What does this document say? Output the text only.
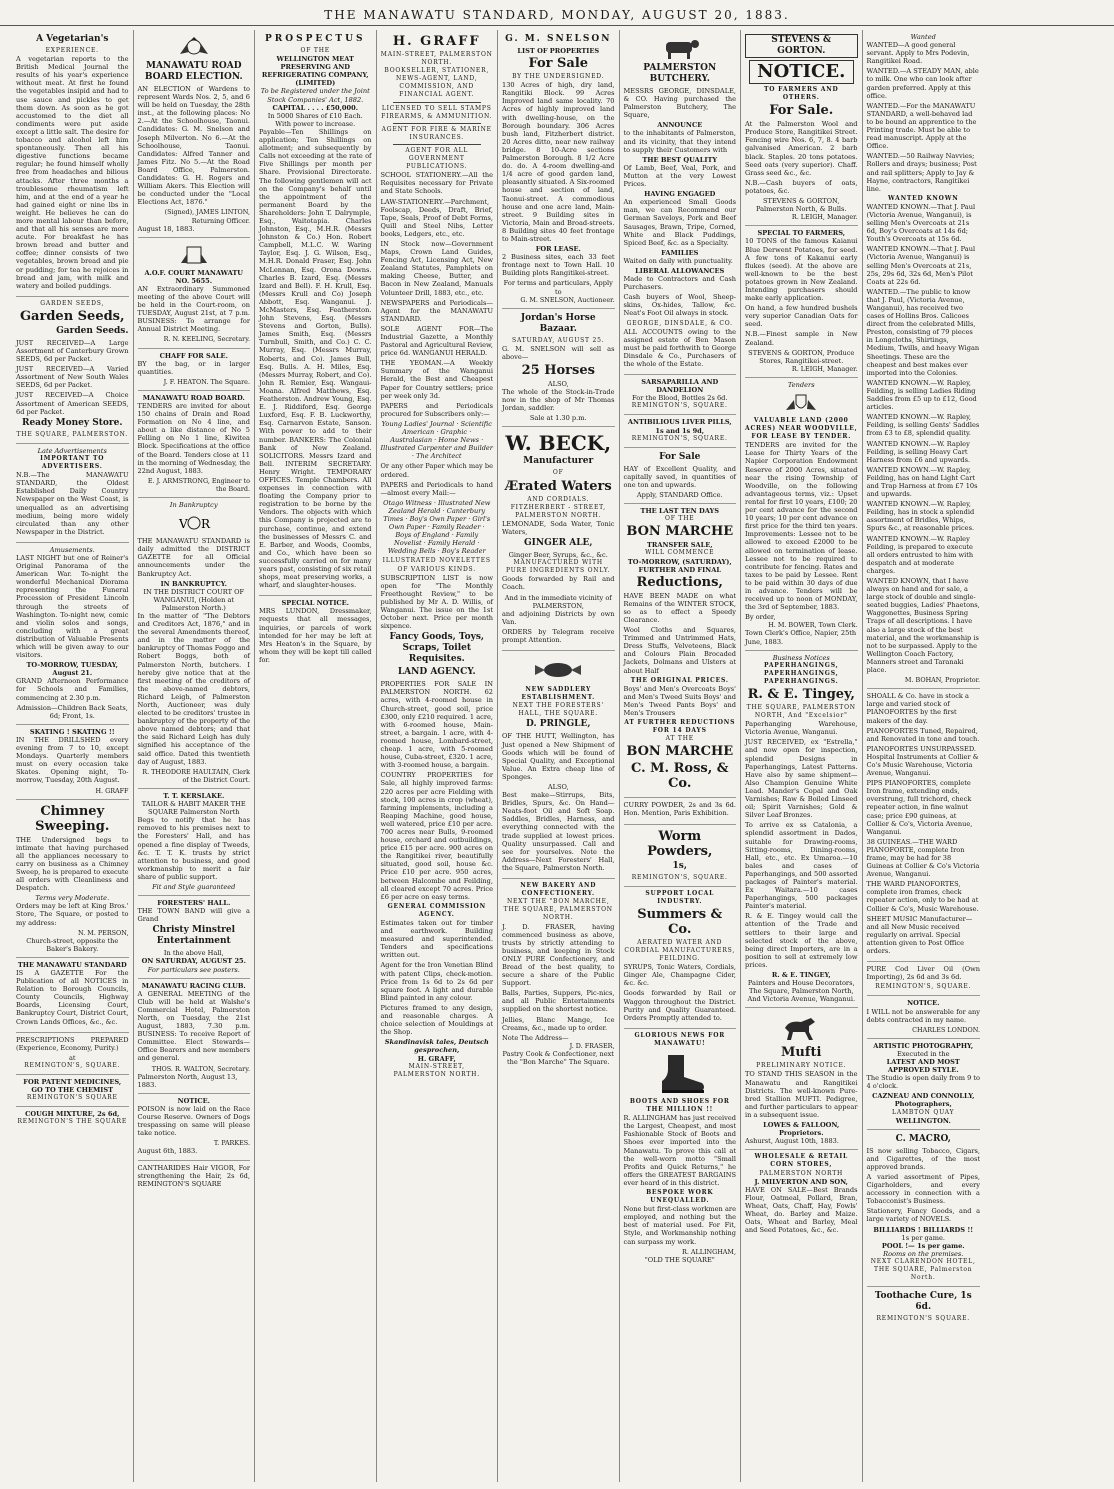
THE MANAWATU STANDARD, MONDAY, AUGUST 20, 1883.
A Vegetarian's
EXPERIENCE.

A vegetarian reports to the British Medical Journal the results of his year's experience without meat. At first he found the vegetables insipid and had to use sauce and pickles to get them down. As soon as he got accustomed to the diet all condiments were put aside except a little salt. The desire for tobacco and alcohol left him spontaneously. Then all his digestive functions became regular; he found himself wholly free from headaches and bilious attacks. After three months a troublesome rheumatism left him, and at the end of a year he had gained eight or nine lbs in weight. He believes he can do more mental labour than before, and that all his senses are more acute. For breakfast he has brown bread and butter and coffee; dinner consists of two vegetables, brown bread and pie or pudding; for tea he rejoices in bread and jam, with milk and watery and boiled puddings.

GARDEN SEEDS,
Garden Seeds,
Garden Seeds.

JUST RECEIVED—A Large Assortment of Canterbury Grown SEEDS, 6d per Packet.

JUST RECEIVED—A Varied Assortment of New South Wales SEEDS, 6d per Packet.

JUST RECEIVED—A Choice Assortment of American SEEDS, 6d per Packet.

Ready Money Store.
THE SQUARE, PALMERSTON.
Late Advertisements
IMPORTANT TO ADVERTISERS.

N.B.—The MANAWATU STANDARD, the Oldest Established Daily Country Newspaper on the West Coast, is unequalled as an advertising medium, being more widely circulated than any other Newspaper in the District.

Amusements.

LAST NIGHT but one of Reiner's Original Panorama of the American War. To-night the wonderful Mechanical Diorama representing the Funeral Procession of President Lincoln through the streets of Washington. To-night new, comic and violin solos and songs, concluding with a great distribution of Valuable Presents which will be given away to our visitors.

TO-MORROW, TUESDAY, August 21.

GRAND Afternoon Performance for Schools and Families, commencing at 2.30 p.m.

Admission—Children Back Seats, 6d; Front, 1s.
SKATING ! SKATING !!

IN THE DRILLSHED every evening from 7 to 10, except Mondays. Quarterly members must on every occasion take Skates. Opening night, To-morrow, Tuesday, 20th August.

H. GRAFF
Chimney Sweeping.

THE Undersigned begs to intimate that having purchased all the appliances necessary to carry on business as a Chimney Sweep, he is prepared to execute all orders with Cleanliness and Despatch.

Terms very Moderate.

Orders may be left at King Bros.' Store, The Square, or posted to my address:

N. M. PERSON,
Church-street, opposite the Baker's Bakery.
THE MANAWATU STANDARD

IS A GAZETTE For the Publication of all NOTICES in Relation to Borough Councils, County Councils, Highway Boards, Licensing Court, Bankruptcy Court, District Court, Crown Lands Offices, &c., &c.

PRESCRIPTIONS PREPARED (Experience, Economy, Purity.)

at
REMINGTON'S, SQUARE.
FOR PATENT MEDICINES,
GO TO THE CHEMIST
REMINGTON'S SQUARE
COUGH MIXTURE, 2s 6d,
REMINGTON'S THE SQUARE
MANAWATU ROAD BOARD ELECTION.

AN ELECTION of Wardens to represent Wards Nos. 2, 5, and 6 will be held on Tuesday, the 28th inst., at the following places: No 2.—At the Schoolhouse, Taonui. Candidates: G. M. Snelson and Joseph Milverton. No 6.—At the Schoolhouse, Taonui. Candidates: Alfred Tanner and James Fitz. No 5.—At the Road Board Office, Palmerston. Candidates: G. H. Rogers and William Akers. This Election will be conducted under the "Local Elections Act, 1876."

(Signed), JAMES LINTON, Returning Officer.
August 18, 1883.
A.O.F. COURT MANAWATU NO. 5655.

AN Extraordinary Summoned meeting of the above Court will be held in the Court-room, on TUESDAY, August 21st, at 7 p.m. BUSINESS: To arrange for Annual District Meeting.

R. N. KEELING, Secretary.
CHAFF FOR SALE.

BY the bag, or in larger quantities.

J. F. HEATON. The Square.
MANAWATU ROAD BOARD.

TENDERS are invited for about 150 chains of Drain and Road Formation on No 4 line, and about a like distance of No 5 Felling on No 1 line, Kiwitea Block. Specifications at the office of the Board. Tenders close at 11 in the morning of Wednesday, the 22nd August, 1883.

E. J. ARMSTRONG, Engineer to the Board.
In Bankruptcy
V R

THE MANAWATU STANDARD is daily admitted the DISTRICT GAZETTE for all Official announcements under the Bankruptcy Act.

IN BANKRUPTCY.
IN THE DISTRICT COURT OF WANGANUI, (Holden at Palmerston North.)

In the matter of "The Debtors and Creditors Act, 1876," and in the several Amendments thereof, and in the matter of the bankruptcy of Thomas Foggo and Robert Boggs, both of Palmerston North, butchers. I hereby give notice that at the first meeting of the creditors of the above-named debtors, Richard Leigh, of Palmerston North, Auctioneer, was duly elected to be creditors' trustee in bankruptcy of the property of the above named debtors; and that the said Richard Leigh has duly signified his acceptance of the said office. Dated this twentieth day of August, 1883.

R. THEODORE HAULTAIN, Clerk of the District Court.
T. T. KERSLAKE.
TAILOR & HABIT MAKER THE SQUARE Palmerston North

Begs to notify that he has removed to his premises next to the Foresters' Hall, and has opened a fine display of Tweeds, &c. T. T. K. trusts by strict attention to business, and good workmanship to merit a fair share of public support.

Fit and Style guaranteed
FORESTERS' HALL.

THE TOWN BAND will give a Grand

Christy Minstrel Entertainment
In the above Hall,
ON SATURDAY, AUGUST 25.
For particulars see posters.
MANAWATU RACING CLUB.

A GENERAL MEETING of the Club will be held at Walshe's Commercial Hotel, Palmerston North, on Tuesday, the 21st August, 1883, 7.30 p.m. BUSINESS: To receive Report of Committee. Elect Stewards—Office Bearers and new members and general.

THOS. R. WALTON, Secretary.
Palmerston North, August 13, 1883.
NOTICE.

POISON is now laid on the Race Course Reserve. Owners of Dogs trespassing on same will please take notice.

T. PARKES.
August 6th, 1883.

CANTHARIDES Hair VIGOR, For strengthening the Hair, 2s 6d, REMINGTON'S SQUARE

PROSPECTUS
OF THE
WELLINGTON MEAT PRESERVING AND REFRIGERATING COMPANY, (LIMITED)
To be Registered under the Joint Stock Companies' Act, 1882.
CAPITAL . . . . £50,000.
In 5000 Shares of £10 Each. With power to increase.

Payable—Ten Shillings on application; Ten Shillings on allotment; and subsequently by Calls not exceeding at the rate of Five Shillings per month per Share. Provisional Directorate. The following gentlemen will act on the Company's behalf until the appointment of the permanent Board by the Shareholders: John T. Dalrymple, Esq., Waitotapia. Charles Johnston, Esq., M.H.R. (Messrs Johnston & Co.) Hon. Robert Campbell, M.L.C. W. Waring Taylor, Esq. J. G. Wilson, Esq., M.H.R. Donald Fraser, Esq. John McLennan, Esq. Orona Downs. Charles B. Izard, Esq. (Messrs Izard and Bell). F. H. Krull, Esq. (Messrs Krull and Co) Joseph Abbott, Esq. Wanganui. J. McMasters, Esq. Featherston. John Stevens, Esq. (Messrs Stevens and Gorton, Bulls). James Smith, Esq. (Messrs Turnbull, Smith, and Co.) C. C. Murray, Esq. (Messrs Murray, Roberts, and Co). James Bull, Esq. Bulls. A. H. Miles, Esq. (Messrs Murray, Robert, and Co). John R. Remier, Esq. Wangaui-Moana. Alfred Matthews, Esq. Featherston. Andrew Young, Esq. E. J. Riddiford, Esq. George Luxford, Esq. F. B. Luckworthy, Esq. Carnarvon Estate, Sanson. With power to add to their number. BANKERS: The Colonial Bank of New Zealand. SOLICITORS. Messrs Izard and Bell. INTERIM SECRETARY. Henry Wright. TEMPORARY OFFICES. Temple Chambers. All expenses in connection with floating the Company prior to registration to be borne by the Vendors. The objects with which this Company is projected are to purchase, continue, and extend the businesses of Messrs C. and E. Barber, and Woods, Coombs, and Co., which have been so successfully carried on for many years past, consisting of six retail shops, meat preserving works, a wharf, and slaughter-houses.

SPECIAL NOTICE.

MRS LUNDON, Dressmaker, requests that all messages, inquiries, or parcels of work intended for her may be left at Mrs Heaton's in the Square, by whom they will be kept till called for.

H. GRAFF
MAIN-STREET, PALMERSTON NORTH.
BOOKSELLER, STATIONER, NEWS-AGENT, LAND, COMMISSION, AND FINANCIAL AGENT.
LICENSED TO SELL STAMPS FIREARMS, & AMMUNITION.
AGENT FOR FIRE & MARINE INSURANCES.
AGENT FOR ALL GOVERNMENT PUBLICATIONS.

SCHOOL STATIONERY.—All the Requisites necessary for Private and State Schools.

LAW-STATIONERY.—Parchment, Foolscap, Deeds, Draft, Brief, Tape, Seals, Proof of Debt Forms, Quill and Steel Nibs, Letter books, Ledgers, etc., etc.

IN Stock now—Government Maps, Crown Land Guides, Fencing Act, Licensing Act, New Zealand Statutes, Pamphlets on making Cheese, Butter, and Bacon in New Zealand, Manuals Volunteer Drill, 1883, etc., etc.

NEWSPAPERS and Periodicals—Agent for the MANAWATU STANDARD.

SOLE AGENT FOR—The Industrial Gazette, a Monthly Pastoral and Agricultural Review, price 6d. WANGANUI HERALD.

THE YEOMAN.—A Weekly Summary of the Wanganui Herald, the Best and Cheapest Paper for Country settlers; price per week only 3d.

PAPERS and Periodicals procured for Subscribers only:—

Young Ladies' Journal · Scientific American · Graphic · Australasian · Home News · Illustrated Carpenter and Builder · The Architect

Or any other Paper which may be ordered.

PAPERS and Periodicals to hand—almost every Mail:—

Otago Witness · Illustrated New Zealand Herald · Canterbury Times · Boy's Own Paper · Girl's Own Paper · Family Reader · Boys of England · Family Novelist · Family Herald · Wedding Bells · Boy's Reader

ILLUSTRATED NOVELETTES OF VARIOUS KINDS.

SUBSCRIPTION LIST is now open for "The Monthly Freethought Review," to be published by Mr A. D. Willis, of Wanganui. The issue on the 1st October next. Price per month sixpence.

Fancy Goods, Toys, Scraps, Toilet Requisites.
LAND AGENCY.

PROPERTIES FOR SALE IN PALMERSTON NORTH. 62 acres, with 4-roomed house in Church-street, good soil, price £300, only £210 required. 1 acre, with 6-roomed house, Main-street, a bargain. 1 acre, with 4-roomed house, Lombard-street, cheap. 1 acre, with 5-roomed house, Cuba-street, £320. 1 acre, with 3-roomed house, a bargain.

COUNTRY PROPERTIES for Sale, all highly improved farms: 220 acres per acre Fielding with stock, 100 acres in crop (wheat), farming implements, including a Reaping Machine, good house, well watered, price £10 per acre. 700 acres near Bulls, 9-roomed house, orchard and outbuildings, price £15 per acre. 900 acres on the Rangitikei river, beautifully situated, good soil, house &c. Price £10 per acre. 950 acres, between Halcombe and Feilding, all cleared except 70 acres. Price £6 per acre on easy terms.

GENERAL COMMISSION AGENCY.

Estimates taken out for timber and earthwork. Building measured and superintended. Tenders and specifications written out.

Agent for the Iron Venetian Blind with patent Clips, check-motion. Price from 1s 6d to 2s 6d per square foot. A light and durable Blind painted in any colour.

Pictures framed to any design, and reasonable charges. A choice selection of Mouldings at the Shop.

Skandinavisk tales, Deutsch gesprochen,
H. GRAFF,
MAIN-STREET,
PALMERSTON NORTH.
G. M. SNELSON
LIST OF PROPERTIES
For Sale
BY THE UNDERSIGNED.

130 Acres of high, dry land, Rangitiki Block. 99 Acres Improved land same locality. 70 Acres of highly improved land with dwelling-house, on the Borough boundary. 306 Acres bush land, Fitzherbert district. 20 Acres ditto, near new railway bridge. 8 10-Acre sections Palmerston Borough. 8 1/2 Acre do. do. A 4-room dwelling-and 1/4 acre of good garden land, pleasantly situated. A Six-roomed house and section of land, Taonui-street. A commodious house and one acre land, Main-street. 9 Building sites in Victoria, Main and Broad-streets. 8 Building sites 40 feet frontage to Main-street.

FOR LEASE.

2 Business sites, each 33 feet frontage next to Town Hall. 10 Building plots Rangitikei-street.

For terms and particulars, Apply to
G. M. SNELSON, Auctioneer.
Jordan's Horse Bazaar.
SATURDAY, AUGUST 25.

G. M. SNELSON will sell as above—

25 Horses
ALSO,

The whole of the Stock-in-Trade now in the shop of Mr Thomas Jordan, saddler.

Sale at 1.30 p.m.
W. BECK,
Manufacturer
OF
Ærated Waters
AND CORDIALS.
FITZHERBERT - STREET,
PALMERSTON NORTH.

LEMONADE, Soda Water, Tonic Waters,

GINGER ALE,
Ginger Beer, Syrups, &c., &c.
MANUFACTURED WITH PURE INGREDIENTS ONLY.

Goods forwarded by Rail and Coach.

And in the immediate vicinity of PALMERSTON,

and adjoining Districts by own Van.

ORDERS by Telegram receive prompt Attention.

NEW SADDLERY ESTABLISHMENT.
NEXT THE FORESTERS' HALL, THE SQUARE.
D. PRINGLE,

OF THE HUTT, Wellington, has Just opened a New Shipment of Goods which will be found of Special Quality, and Exceptional Value. An Extra cheap line of Sponges.

ALSO,

Best make—Stirrups, Bits, Bridles, Spurs, &c. On Hand—Neats-foot Oil and Soft Soap. Saddles, Bridles, Harness, and everything connected with the trade supplied at lowest prices. Quality unsurpassed. Call and see for yourselves. Note the Address—Next Foresters' Hall, the Square, Palmerston North.

NEW BAKERY AND CONFECTIONERY.
NEXT THE "BON MARCHE, THE SQUARE, PALMERSTON NORTH.

J. D. FRASER, having commenced business as above, trusts by strictly attending to business, and keeping in Stock ONLY PURE Confectionery, and Bread of the best quality, to secure a share of the Public Support.

Balls, Parties, Suppers, Pic-nics, and all Public Entertainments supplied on the shortest notice.

Jellies, Blanc Mange, Ice Creams, &c., made up to order.

Note The Address—
J. D. FRASER,
Pastry Cook & Confectioner, next the "Bon Marche" The Square.
PALMERSTON BUTCHERY.

MESSRS GEORGE, DINSDALE, & CO. Having purchased the Palmerston Butchery, The Square,

ANNOUNCE

to the inhabitants of Palmerston, and its vicinity, that they intend to supply their Customers with

THE BEST QUALITY

Of Lamb, Beef, Veal, Pork, and Mutton at the very Lowest Prices.

HAVING ENGAGED

An experienced Small Goods man, we can Recommend our German Saveloys, Pork and Beef Sausages, Brawn, Tripe, Corned, White and Black Puddings, Spiced Beef, &c. as a Specialty.

FAMILIES

Waited on daily with punctuality.

LIBERAL ALLOWANCES

Made to Contractors and Cash Purchasers.

Cash buyers of Wool, Sheep-skins, Ox-hides, Tallow, &c. Neat's Foot Oil always in stock.

GEORGE, DINSDALE, & CO.

ALL ACCOUNTS owing to the assigned estate of Ben Mason must be paid forthwith to George Dinsdale & Co., Purchasers of the whole of the Estate.

SARSAPARILLA AND DANDELION
For the Blood, Bottles 2s 6d.
REMINGTON'S, SQUARE.
ANTIBILIOUS LIVER PILLS, 1s and 1s 9d,
REMINGTON'S, SQUARE.
For Sale

HAY of Excellent Quality, and capitally saved, in quantities of one ton and upwards.

Apply, STANDARD Office.
THE LAST TEN DAYS
OF THE
BON MARCHE
TRANSFER SALE,
WILL COMMENCE
TO-MORROW, (SATURDAY),
FURTHER AND FINAL
Reductions,

HAVE BEEN MADE on what Remains of the WINTER STOCK, so as to effect a Speedy Clearance.

Wool Cloths and Squares, Trimmed and Untrimmed Hats, Dress Stuffs, Velveteens, Black and Colours Plain Brocaded Jackets, Dolmans and Ulsters at about Half

THE ORIGINAL PRICES.

Boys' and Men's Overcoats Boys' and Men's Tweed Suits Boys' and Men's Tweed Pants Boys' and Men's Trousers

AT FURTHER REDUCTIONS FOR 14 DAYS
AT THE
BON MARCHE
C. M. Ross, & Co.

CURRY POWDER, 2s and 3s 6d. Hon. Mention, Paris Exhibition.

Worm Powders,
1s,
REMINGTON'S, SQUARE.
SUPPORT LOCAL INDUSTRY.
Summers & Co.
AERATED WATER AND CORDIAL MANUFACTURERS, FEILDING.

SYRUPS, Tonic Waters, Cordials, Ginger Ale, Champagne Cider, &c. &c.

Goods forwarded by Rail or Waggon throughout the District. Purity and Quality Guaranteed. Orders Promptly attended to.

GLORIOUS NEWS FOR MANAWATU!
BOOTS AND SHOES FOR THE MILLION !!

R. ALLINGHAM has just received the Largest, Cheapest, and most Fashionable Stock of Boots and Shoes ever imported into the Manawatu. To prove this call at the well-worn motto "Small Profits and Quick Returns," he offers the GREATEST BARGAINS ever heard of in this district.

BESPOKE WORK UNEQUALLED.

None but first-class workmen are employed, and nothing but the best of material used. For Fit, Style, and Workmanship nothing can surpass my work.

R. ALLINGHAM,
"OLD THE SQUARE"
STEVENS & GORTON.
NOTICE.
TO FARMERS AND OTHERS.
For Sale.

At the Palmerston Wool and Produce Store, Rangitikei Street. Fencing wire Nos. 6, 7, 8. 4 barb galvanised American. 2 barb black. Staples. 20 tons potatoes. Seed oats (very superior). Chaff. Grass seed &c., &c.

N.B.—Cash buyers of oats, potatoes, &c.

STEVENS & GORTON, Palmerston North, & Bulls.
R. LEIGH, Manager.
SPECIAL TO FARMERS,

10 TONS of the famous Kaianui Blue Derwent Potatoes, for seed. A few tons of Kakanui early flukes (seed). At the above are well-known to be the best potatoes grown in New Zealand. Intending purchasers should make early application.

On hand, a few hundred bushels very superior Canadian Oats for seed.

N.B.—Finest sample in New Zealand.

STEVENS & GORTON, Produce Stores, Rangitikei-street.
R. LEIGH, Manager.
Tenders
VALUABLE LAND (2000 ACRES) NEAR WOODVILLE, FOR LEASE BY TENDER.

TENDERS are invited for the Lease for Thirty Years of the Napier Corporation Endowment Reserve of 2000 Acres, situated near the rising Township of Woodville, on the following advantageous terms, viz.: Upset rental for first 10 years, £100; 20 per cent advance for the second 10 years; 10 per cent advance on first price for the third ten years. Improvements: Lessee not to be allowed to exceed £2000 to be allowed on termination of lease. Lessee not to be required to contribute for fencing. Rates and taxes to be paid by Lessee. Rent to be paid within 30 days of due in advance. Tenders will be received up to noon of MONDAY, the 3rd of September, 1883.

By order,
H. M. BOWER, Town Clerk.
Town Clerk's Office, Napier, 25th June, 1883.
Business Notices
PAPERHANGINGS, PAPERHANGINGS, PAPERHANGINGS.
R. & E. Tingey,
THE SQUARE, PALMERSTON NORTH, And "Excelsior"

Paperhanging Warehouse, Victoria Avenue, Wanganui.

JUST RECEIVED, ex "Estrella," and now open for inspection, splendid Designs in Paperhangings, Latest Patterns. Have also by same shipment— Also Champion Genuine White Lead. Mander's Copal and Oak Varnishes; Raw & Boiled Linseed oil; Spirit Varnishes; Gold & Silver Leaf Bronzes.

To arrive ex ss Catalonia, a splendid assortment in Dados, suitable for Drawing-rooms, Sitting-rooms, Dining-rooms, Hall, etc., etc. Ex Umaroa.—10 bales and cases of Paperhangings, and 500 assorted packages of Painter's material. Ex Waitara.—10 cases Paperhangings, 500 packages Painter's material.

R. & E. Tingey would call the attention of the Trade and settlers to their large and selected stock of the above, being direct Importers, are in a position to sell at extremely low prices.

R. & E. TINGEY,
Painters and House Decorators, The Square, Palmerston North, And Victoria Avenue, Wanganui.
Mufti
PRELIMINARY NOTICE.

TO STAND THIS SEASON in the Manawatu and Rangitikei Districts. The well-known Pure-bred Stallion MUFTI. Pedigree, and further particulars to appear in a subsequent issue.

LOWES & FALLOON, Proprietors.
Ashurst, August 10th, 1883.
WHOLESALE & RETAIL CORN STORES,
PALMERSTON NORTH
J. MILVERTON AND SON,

HAVE ON SALE—Best Brands Flour, Oatmeal, Pollard, Bran, Wheat, Oats, Chaff, Hay, Fowls' Wheat, do. Barley and Maize. Oats, Wheat and Barley, Meal and Seed Potatoes, &c., &c.

Wanted

WANTED—A good general servant. Apply to Mrs Podevin, Rangitikei Road.

WANTED.—A STEADY MAN, able to milk. One who can look after garden preferred. Apply at this office.

WANTED.—For the MANAWATU STANDARD, a well-behaved lad to be bound an apprentice to the Printing trade. Must be able to read manuscript. Apply at the Office.

WANTED.—50 Railway Navvies; Rollers and drays; business; Post and rail splitters; Apply to Jay & Hayne, contractors, Rangitikei line.

WANTED KNOWN

WANTED KNOWN.—That J. Paul (Victoria Avenue, Wanganui), is selling Men's Overcoats at 21s 6d, Boy's Overcoats at 14s 6d; Youth's Overcoats at 15s 6d.

WANTED KNOWN.—That J. Paul (Victoria Avenue, Wanganui) is selling Men's Overcoats at 21s, 25s, 29s 6d, 32s 6d, Men's Pilot Coats at 22s 6d.

WANTED.—The public to know that J. Paul, (Victoria Avenue, Wanganui), has received two cases of Hollins Bros. Calicoes direct from the celebrated Mills, Preston, consisting of 79 pieces in Longcloths, Shirtings, Medium, Twills, and heavy Wigan Sheetings. These are the cheapest and best makes ever imported into the Colonies.

WANTED KNOWN.—W. Rapley, Feilding, is selling Ladies Riding Saddles from £5 up to £12, Good articles.

WANTED KNOWN.—W. Rapley, Feilding, is selling Gents' Saddles from £3 to £8, splendid quality.

WANTED KNOWN.—W. Rapley Feilding, is selling Heavy Cart Harness from £6 and upwards.

WANTED KNOWN.—W. Rapley, Feilding, has on hand Light Cart and Trap Harness at from £7 10s and upwards.

WANTED KNOWN.—W. Rapley, Feilding, has in stock a splendid assortment of Bridles, Whips, Spurs &c., at reasonable prices.

WANTED KNOWN.—W. Rapley Feilding, is prepared to execute all orders entrusted to him with despatch and at moderate charges.

WANTED KNOWN, that I have always on hand and for sale, a large stock of double and single-seated buggies, Ladies' Phaetons, Waggonettes, Business Spring Traps of all descriptions. I have also a large stock of the best material, and the workmanship is not to be surpassed. Apply to the Wellington Coach Factory, Manners street and Taranaki place.

M. BOHAN, Proprietor.

SHOALL & Co. have in stock a large and varied stock of PIANOFORTES by the first makers of the day.

PIANOFORTES Tuned, Repaired, and Renovated in tone and touch.

PIANOFORTES UNSURPASSED. Hospital Instruments at Collier & Co's Music Warehouse, Victoria Avenue, Wanganui.

PIPS PIANOFORTES, complete Iron frame, extending ends, overstrung, full trichord, check repeater action, in fine walnut case; price £90 guineas, at Collier & Co's, Victoria Avenue, Wanganui.

38 GUINEAS.—THE WARD PIANOFORTE, complete Iron frame, may be had for 38 Guineas at Collier & Co's Victoria Avenue, Wanganui.

THE WARD PIANOFORTES, complete iron frames, check repeater action, only to be had at Collier & Co's, Music Warehouse.

SHEET MUSIC Manufacturer—and all New Music received regularly on arrival. Special attention given to Post Office orders.

PURE Cod Liver Oil (Own Importing), 2s 6d and 3s 6d.

REMINGTON'S, SQUARE.
NOTICE.

I WILL not be answerable for any debts contracted in my name.

CHARLES LONDON.
ARTISTIC PHOTOGRAPHY,
Executed in the
LATEST AND MOST APPROVED STYLE.

The Studio is open daily from 9 to 4 o'clock.

CAZNEAU AND CONNOLLY, Photographers,
LAMBTON QUAY
WELLINGTON.
C. MACRO,

IS now selling Tobacco, Cigars, and Cigarettes, of the most approved brands.

A varied assortment of Pipes, Cigarholders, and every accessory in connection with a Tobacconist's Business.

Stationery, Fancy Goods, and a large variety of NOVELS.

BILLIARDS ! BILLIARDS !!
1s per game.
POOL !— 1s per game.
Rooms on the premises.
NEXT CLARENDON HOTEL, THE SQUARE, Palmerston North.
Toothache Cure, 1s 6d.
REMINGTON'S SQUARE.
